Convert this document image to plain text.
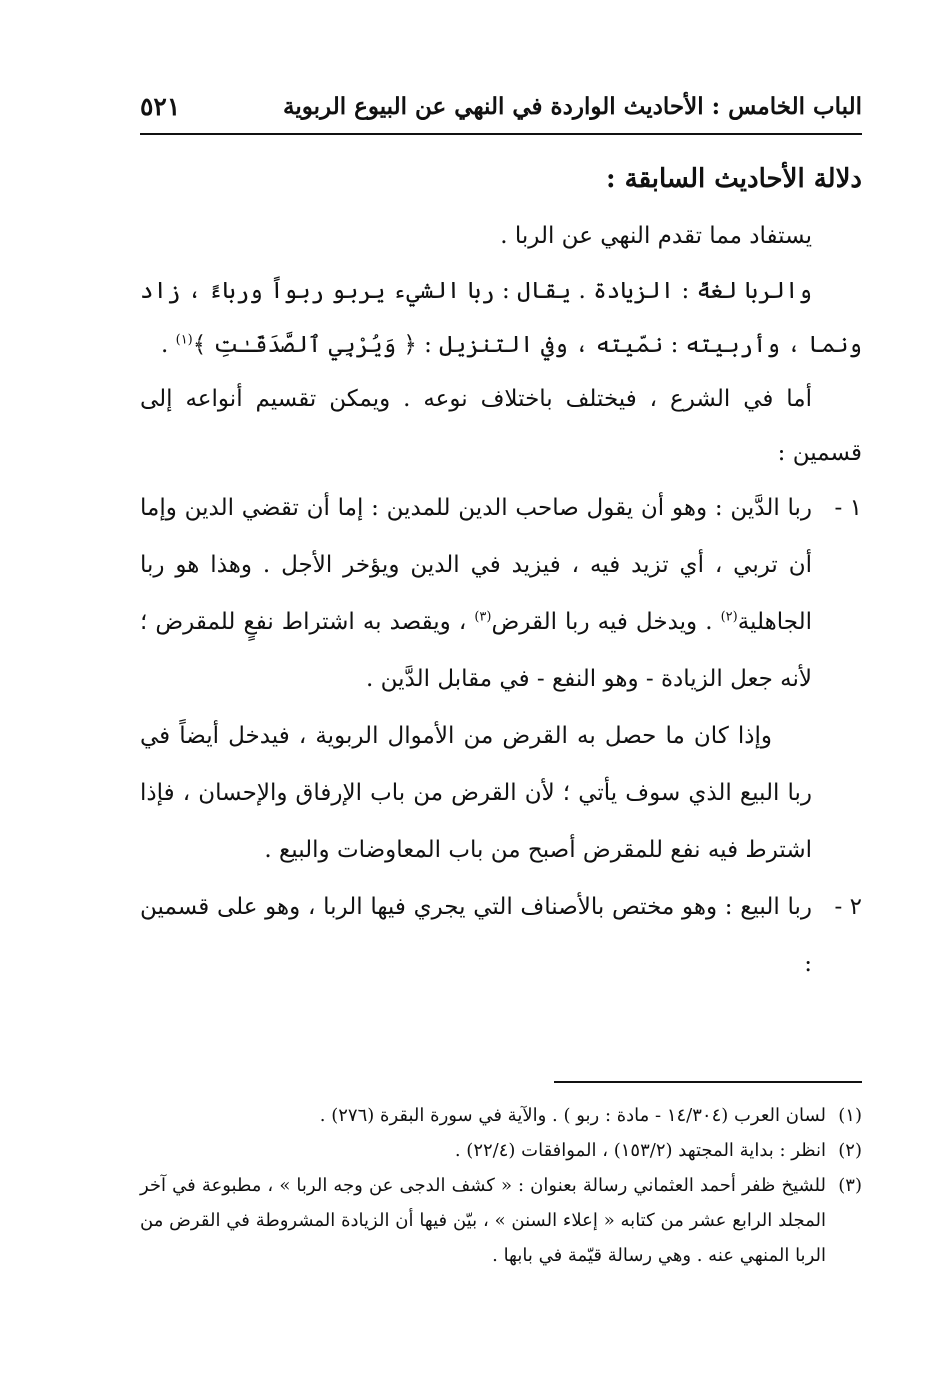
٥٢١	الباب الخامس : الأحاديث الواردة في النهي عن البيوع الربوية
دلالة الأحاديث السابقة :

يستفاد مما تقدم النهي عن الربا .

والربا لغةً : الزيادة . يقال : ربا الشيء يربو ربواً ورباءً ، زاد ونما ، وأربيته : نمّيته ، وفي التنزيل : ﴿ وَيُرْبِي ٱلصَّدَقَـٰتِ ﴾$^{(١)}$ .

أما في الشرع ، فيختلف باختلاف نوعه . ويمكن تقسيم أنواعه إلى قسمين :

١ -
ربا الدَّين : وهو أن يقول صاحب الدين للمدين : إما أن تقضي الدين وإما أن تربي ، أي تزيد فيه ، فيزيد في الدين ويؤخر الأجل . وهذا هو ربا الجاهلية$^{(٢)}$ . ويدخل فيه ربا القرض$^{(٣)}$ ، ويقصد به اشتراط نفعٍ للمقرض ؛ لأنه جعل الزيادة - وهو النفع - في مقابل الدَّين .

وإذا كان ما حصل به القرض من الأموال الربوية ، فيدخل أيضاً في ربا البيع الذي سوف يأتي ؛ لأن القرض من باب الإرفاق والإحسان ، فإذا اشترط فيه نفع للمقرض أصبح من باب المعاوضات والبيع .

٢ -
ربا البيع : وهو مختص بالأصناف التي يجري فيها الربا ، وهو على قسمين :
(١)
لسان العرب (١٤/٣٠٤ - مادة : ربو ) . والآية في سورة البقرة (٢٧٦) .
(٢)
انظر : بداية المجتهد (١٥٣/٢) ، الموافقات (٢٢/٤) .
(٣)
للشيخ ظفر أحمد العثماني رسالة بعنوان : « كشف الدجى عن وجه الربا » ، مطبوعة في آخر المجلد الرابع عشر من كتابه « إعلاء السنن » ، بيّن فيها أن الزيادة المشروطة في القرض من الربا المنهي عنه . وهي رسالة قيّمة في بابها .
